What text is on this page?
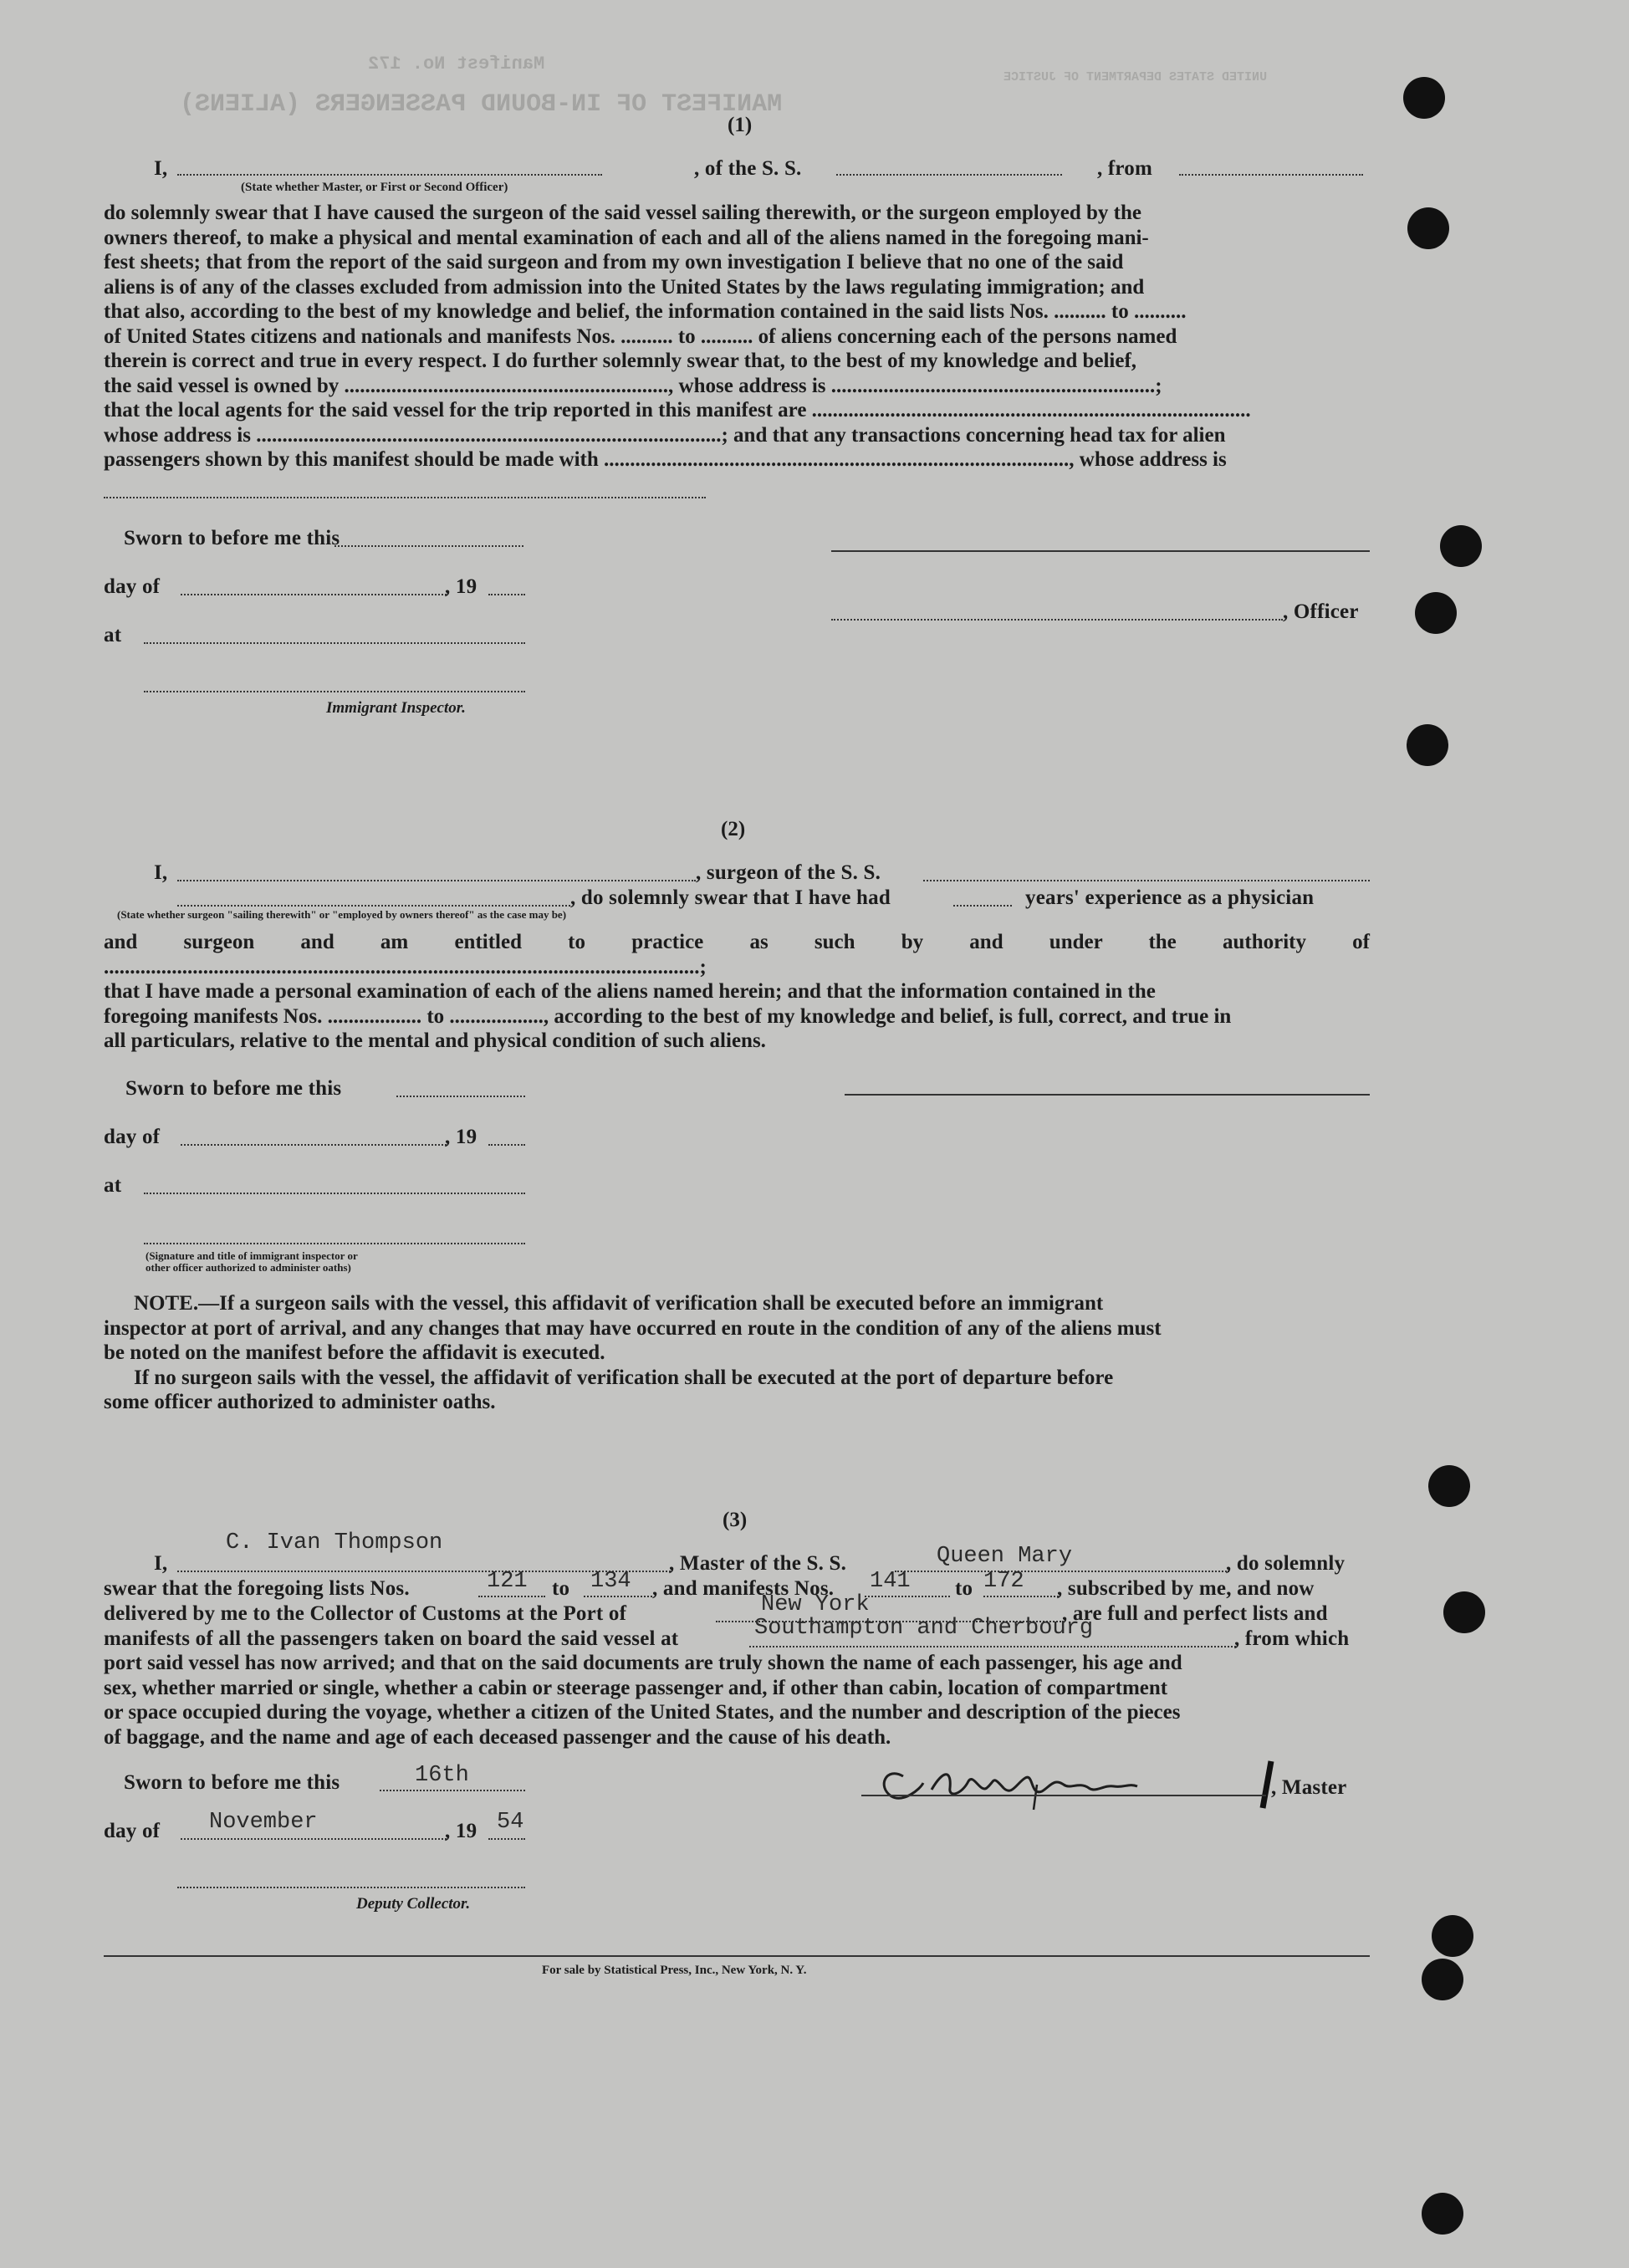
MANIFEST OF IN-BOUND PASSENGERS (ALIENS)
Manifest No. 172
UNITED STATES DEPARTMENT OF JUSTICE
(1)
I,	, of the S. S.	, from
(State whether Master, or First or Second Officer)
do solemnly swear that I have caused the surgeon of the said vessel sailing therewith, or the surgeon employed by the
owners thereof, to make a physical and mental examination of each and all of the aliens named in the foregoing mani-
fest sheets; that from the report of the said surgeon and from my own investigation I believe that no one of the said
aliens is of any of the classes excluded from admission into the United States by the laws regulating immigration; and
that also, according to the best of my knowledge and belief, the information contained in the said lists Nos. .......... to ..........
of United States citizens and nationals and manifests Nos. .......... to .......... of aliens concerning each of the persons named
therein is correct and true in every respect. I do further solemnly swear that, to the best of my knowledge and belief,
the said vessel is owned by .............................................................., whose address is ..............................................................;
that the local agents for the said vessel for the trip reported in this manifest are ....................................................................................
whose address is .........................................................................................; and that any transactions concerning head tax for alien
passengers shown by this manifest should be made with ........................................................................................., whose address is
Sworn to before me this
day of	, 19
, Officer
at
Immigrant Inspector.
(2)
I,	, surgeon of the S. S.
, do solemnly swear that I have had	years' experience as a physician
(State whether surgeon "sailing therewith" or "employed by owners thereof" as the case may be)
and surgeon and am entitled to practice as such by and under the authority of ..................................................................................................................;
that I have made a personal examination of each of the aliens named herein; and that the information contained in the
foregoing manifests Nos. .................. to .................., according to the best of my knowledge and belief, is full, correct, and true in
all particulars, relative to the mental and physical condition of such aliens.
Sworn to before me this
day of	, 19
at
(Signature and title of immigrant inspector or
other officer authorized to administer oaths)
NOTE.—If a surgeon sails with the vessel, this affidavit of verification shall be executed before an immigrant
inspector at port of arrival, and any changes that may have occurred en route in the condition of any of the aliens must
be noted on the manifest before the affidavit is executed.
If no surgeon sails with the vessel, the affidavit of verification shall be executed at the port of departure before
some officer authorized to administer oaths.
(3)
I,
C. Ivan Thompson
, Master of the S. S.	Queen Mary	, do solemnly
swear that the foregoing lists Nos.	121 to 134 , and manifests Nos. 141 to 172 , subscribed by me, and now
delivered by me to the Collector of Customs at the Port of	New York	, are full and perfect lists and
manifests of all the passengers taken on board the said vessel at	Southampton and Cherbourg	, from which
port said vessel has now arrived; and that on the said documents are truly shown the name of each passenger, his age and
sex, whether married or single, whether a cabin or steerage passenger and, if other than cabin, location of compartment
or space occupied during the voyage, whether a citizen of the United States, and the number and description of the pieces
of baggage, and the name and age of each deceased passenger and the cause of his death.
Sworn to before me this	16th	, Master
day of November	, 19 54
Deputy Collector.
For sale by Statistical Press, Inc., New York, N. Y.
